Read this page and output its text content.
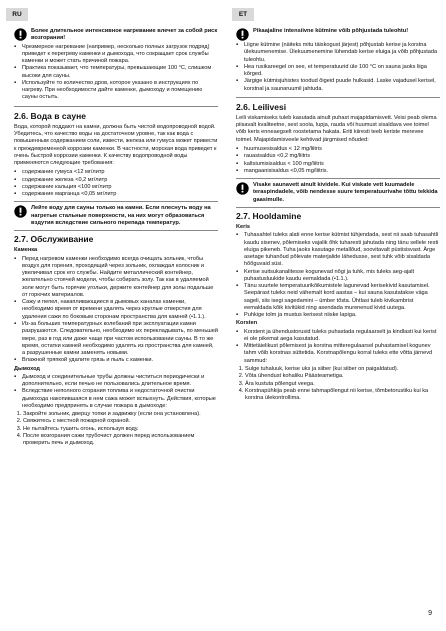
RU	ET
Более длительное интенсивное нагревание влечет за собой риск возгорания!
▪ Чрезмерное нагревание (например, несколько полных загрузок подряд) приведет к перегреву каменки и дымохода, что сокращает срок службы каменки и может стать причиной пожара.
▪ Практика показывает, что температуры, превышающие 100 °C, слишком высоки для сауны.
▪ Используйте то количество дров, которое указано в инструкциях по нагреву. При необходимости дайте каменке, дымоходу и помещению сауны остыть.
2.6. Вода в сауне

Вода, которой поддают на камни, должна быть чистой водопроводной водой. Убедитесь, что качество воды на достаточном уровне, так как вода с повышенным содержанием соли, извести, железа или гумуса может привести к преждевременной коррозии каменки. В частности, морская вода приведет к очень быстрой коррозии каменки. К качеству водопроводной воды применяются следующие требования:

▪ содержание гумуса <12 мг/литр
▪ содержание железа <0,2 мг/литр
▪ содержание кальция <100 мг/литр
▪ содержание марганца <0,05 мг/литр
Лейте воду для сауны только на камни. Если плеснуть воду на нагретые стальные поверхности, на них могут образоваться вздутия вследствие сильного перепада температур.
2.7. Обслуживание
Каменка
▪ Перед нагревом каменки необходимо всегда очищать зольник, чтобы воздух для горения, проходящий через зольник, охлаждал колосник и увеличивал срок его службы. Найдите металлический контейнер, желательно стоячей модели, чтобы собирать золу. Так как в удаляемой золе могут быть горячие угольки, держите контейнер для золы подальше от горючих материалов.
▪ Сажу и пепел, накапливающиеся в дымовых каналах каменки, необходимо время от времени удалять через круглые отверстия для удаления сажи по боковым сторонам пространства для камней (•1.1.).
▪ Из-за больших температурных колебаний при эксплуатации камни разрушаются. Следовательно, необходимо их перекладывать, по меньшей мере, раз в год или даже чаще при частом использовании сауны. В то же время, остатки камней необходимо удалять из пространства для камней, а разрушенные камни заменять новыми.
▪ Влажной тряпкой удалите грязь и пыль с каменки.
Дымоход
▪ Дымоход и соединительные трубы должны чиститься периодически и дополнительно, если печью не пользовались длительное время.
▪ Вследствие неполного сгорания топлива и недостаточной очистки дымохода накопившаяся в нем сажа может вспыхнуть. Действия, которые необходимо предпринять в случае пожара в дымоходе:
1. Закройте зольник, дверцу топки и задвижку (если она установлена).
2. Свяжитесь с местной пожарной охраной.
3. Не пытайтесь тушить огонь, используя воду.
4. После возгорания сажи трубочист должен перед использованием проверить печь и дымоход.
Pikaajaline intensiivne kütmine võib põhjustada tuleohtu!
▪ Liigne kütmine (näiteks mitu täiskogust järjest) põhjustab kerise ja korstna ülekuumenemise. Ülekuumenemine lühendab kerise eluiga ja võib põhjustada tuleohtu.
▪ Hea rusikareegel on see, et temperatuurid üle 100 °C on sauna jaoks liiga kõrged.
▪ Järgige kütmisjuhistes toodud õigeid puude hulkasid. Laske vajadusel kerisel, korstnal ja saunaruumil jahtuda.
2.6. Leilivesi

Leili viskamiseks tuleb kasutada ainult puhast majapidamisvett. Veisi peab olema piisavalt kvaliteetne, sest soola, lupja, rauda või huumust sisaldava vee toimel võib keris enneaegselt roostetama hakata. Eriti kiiresti teeb keriste merevee toimel. Majapidamisveele kehtivad järgmised nõuded:

▪ huumusesisaldus < 12 mg/liitris
▪ rauasisaldus <0,2 mg/liitris
▪ kaltsiumisisaldus < 100 mg/liitris
▪ mangaanisisaldus <0,05 mg/liitris.
Visake saunavett ainult kividele. Kui viskate vett kuumadele teraspindadele, võib nendesse suure temperatuurivahe tõttu tekkida gaasimulle.
2.7. Hooldamine
Keris
▪ Tuhasahtel tuleks alati enne kerise kütmist tühjendada, sest nii saab tuhasahtli kaudu sisenev, põlemiseks vajalik õhk tuharesti jahutada ning tänu sellele resti eluiga pikeneb. Tuha jaoks kasutage metallõud, soovitavalt püstisisvast. Ärge asetage tuhanõud põlevate materjalide lähedusse, sest tuhk võib sisaldada hõõguvaid süsi.
▪ Kerise suitsukanalitesse kogunevad nõgi ja tuhk, mis tuleks aeg-ajalt puhastusluukide kaudu eemaldada (•1.1.).
▪ Tänu suurtele temperatuurikõikumistele lagunevad kerisekivid kasutamisel. Seepärast tuleks neid vähemalt kord aastas – kui sauna kasutatakse väga sageli, siis isegi sagedamini – ümber tõsta. Ühtlasi tuleb kivikambrist eemaldada kõik kivitükid ning asendada murenenud kivid uutega.
▪ Puhkige tolm ja mustus kerisest niiske lapiga.
Korsten
▪ Korstent ja ühendustorusid tuleks puhastada regulaarselt ja kindlasti kui kerist ei ole pikemat aega kasutatud.
▪ Mittetäielikust põlemisest ja korstna mitteregulaarsel puhastamisel kogunev tahm võib korstnas süttetida. Korstnapõlengu korral tuleks ette võtta järnevd sammud:
1. Sulge tuhaluuk, kerise uks ja siiber (kui siiber on paigaldatud).
2. Võta ühendust kohaliku Päästeametiga.
3. Ära kustuta põlengut veega.
4. Korstnapühkija peab enne tahmapõlengut nii kerise, tõmbetorustiku kui ka korstna ülekontrollima.
9
